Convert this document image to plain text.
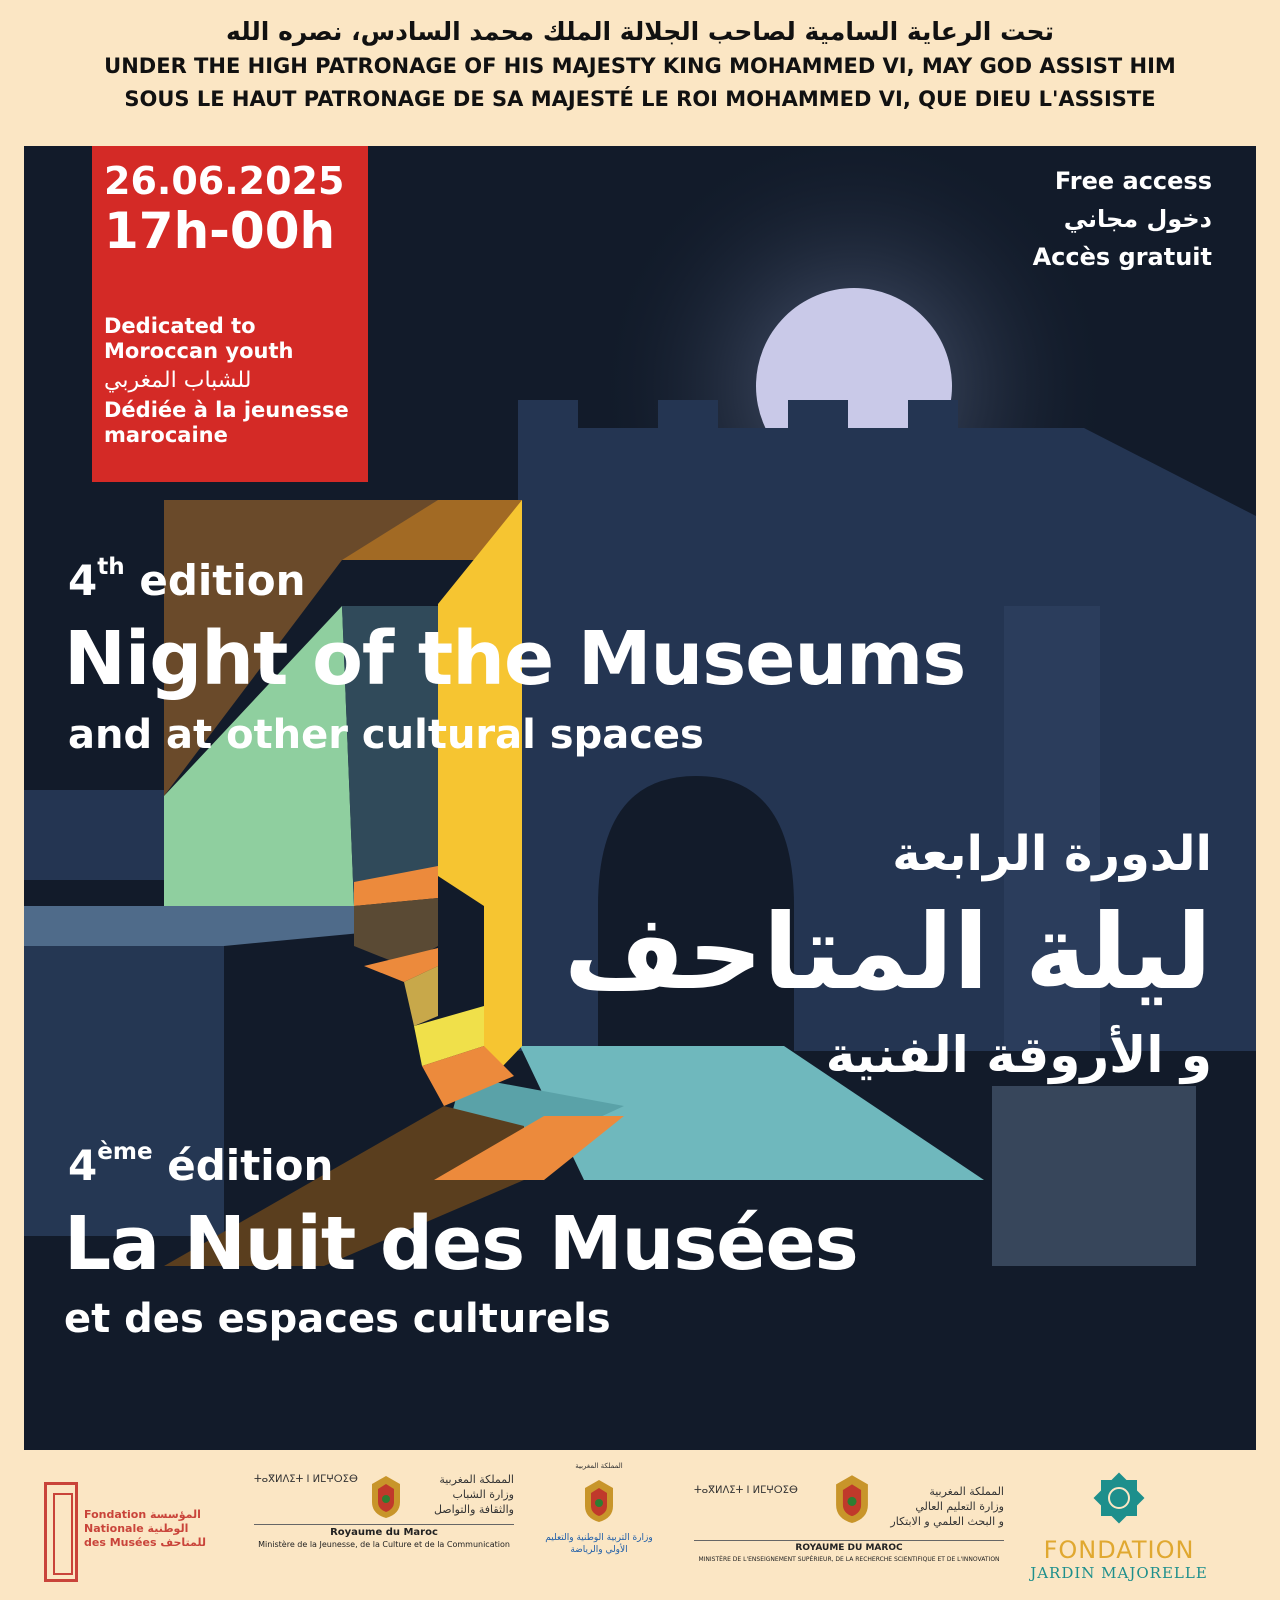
تحت الرعاية السامية لصاحب الجلالة الملك محمد السادس، نصره الله
UNDER THE HIGH PATRONAGE OF HIS MAJESTY KING MOHAMMED VI, MAY GOD ASSIST HIM
SOUS LE HAUT PATRONAGE DE SA MAJESTÉ LE ROI MOHAMMED VI, QUE DIEU L'ASSISTE
26.06.2025
17h-00h
Dedicated to
Moroccan youth
للشباب المغربي
Dédiée à la jeunesse
marocaine
Free access
دخول مجاني
Accès gratuit
4th edition
Night of the Museums
and at other cultural spaces
الدورة الرابعة
ليلة المتاحف
و الأروقة الفنية
4ème édition
La Nuit des Musées
et des espaces culturels
Fondation المؤسسة
Nationale الوطنية
des Musées للمتاحف
ⵜⴰⴳⵍⴷⵉⵜ ⵏ ⵍⵎⵖⵔⵉⴱ	المملكة المغربية
وزارة الشباب
والثقافة والتواصل
Royaume du Maroc
Ministère de la Jeunesse, de la Culture et de la Communication
المملكة المغربية
وزارة التربية الوطنية والتعليم الأولي والرياضة
ⵜⴰⴳⵍⴷⵉⵜ ⵏ ⵍⵎⵖⵔⵉⴱ	المملكة المغربية
وزارة التعليم العالي
و البحث العلمي و الابتكار
ROYAUME DU MAROC
MINISTÈRE DE L'ENSEIGNEMENT SUPÉRIEUR, DE LA RECHERCHE SCIENTIFIQUE ET DE L'INNOVATION	FONDATION
JARDIN MAJORELLE
